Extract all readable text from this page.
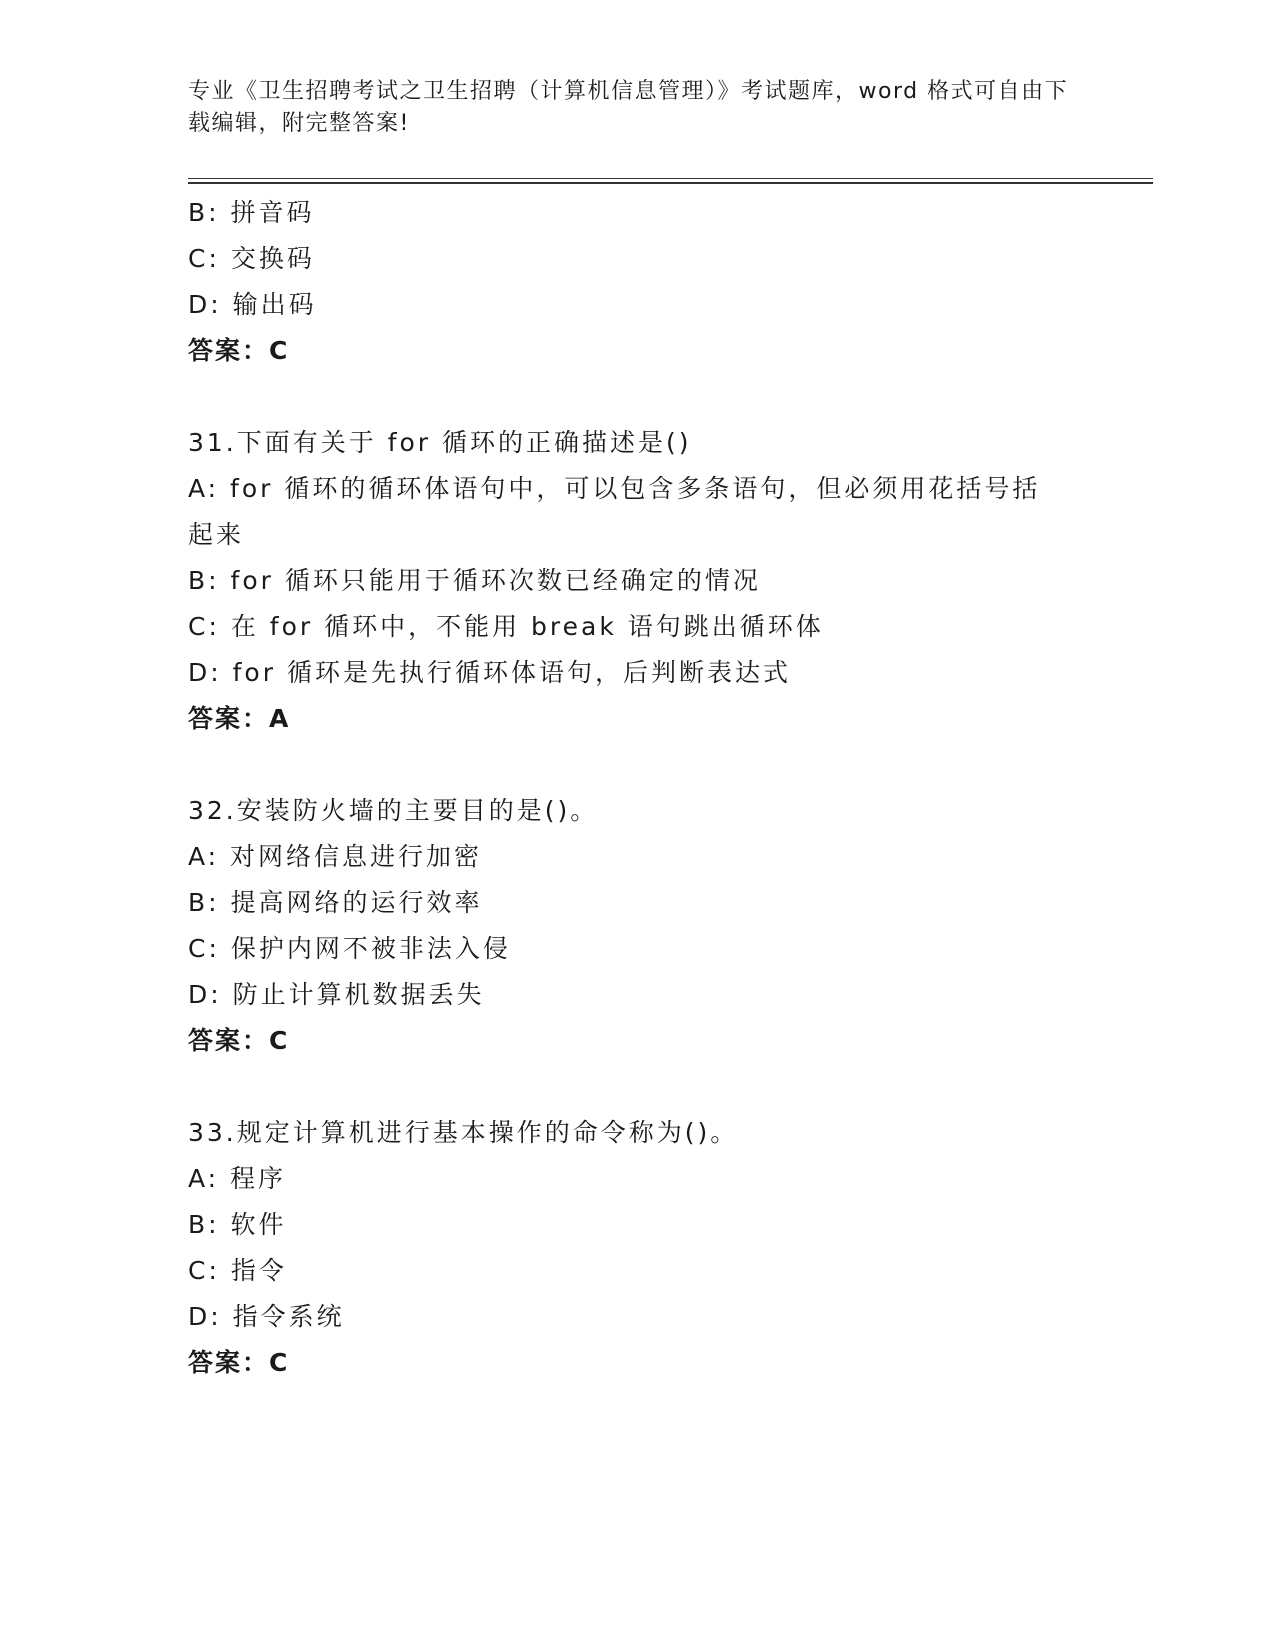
专业《卫生招聘考试之卫生招聘（计算机信息管理）》考试题库，word 格式可自由下载编辑，附完整答案!
B: 拼音码
C: 交换码
D: 输出码
答案：C
31.下面有关于 for 循环的正确描述是()
A: for 循环的循环体语句中，可以包含多条语句，但必须用花括号括起来
B: for 循环只能用于循环次数已经确定的情况
C: 在 for 循环中，不能用 break 语句跳出循环体
D: for 循环是先执行循环体语句，后判断表达式
答案：A
32.安装防火墙的主要目的是()。
A: 对网络信息进行加密
B: 提高网络的运行效率
C: 保护内网不被非法入侵
D: 防止计算机数据丢失
答案：C
33.规定计算机进行基本操作的命令称为()。
A: 程序
B: 软件
C: 指令
D: 指令系统
答案：C
